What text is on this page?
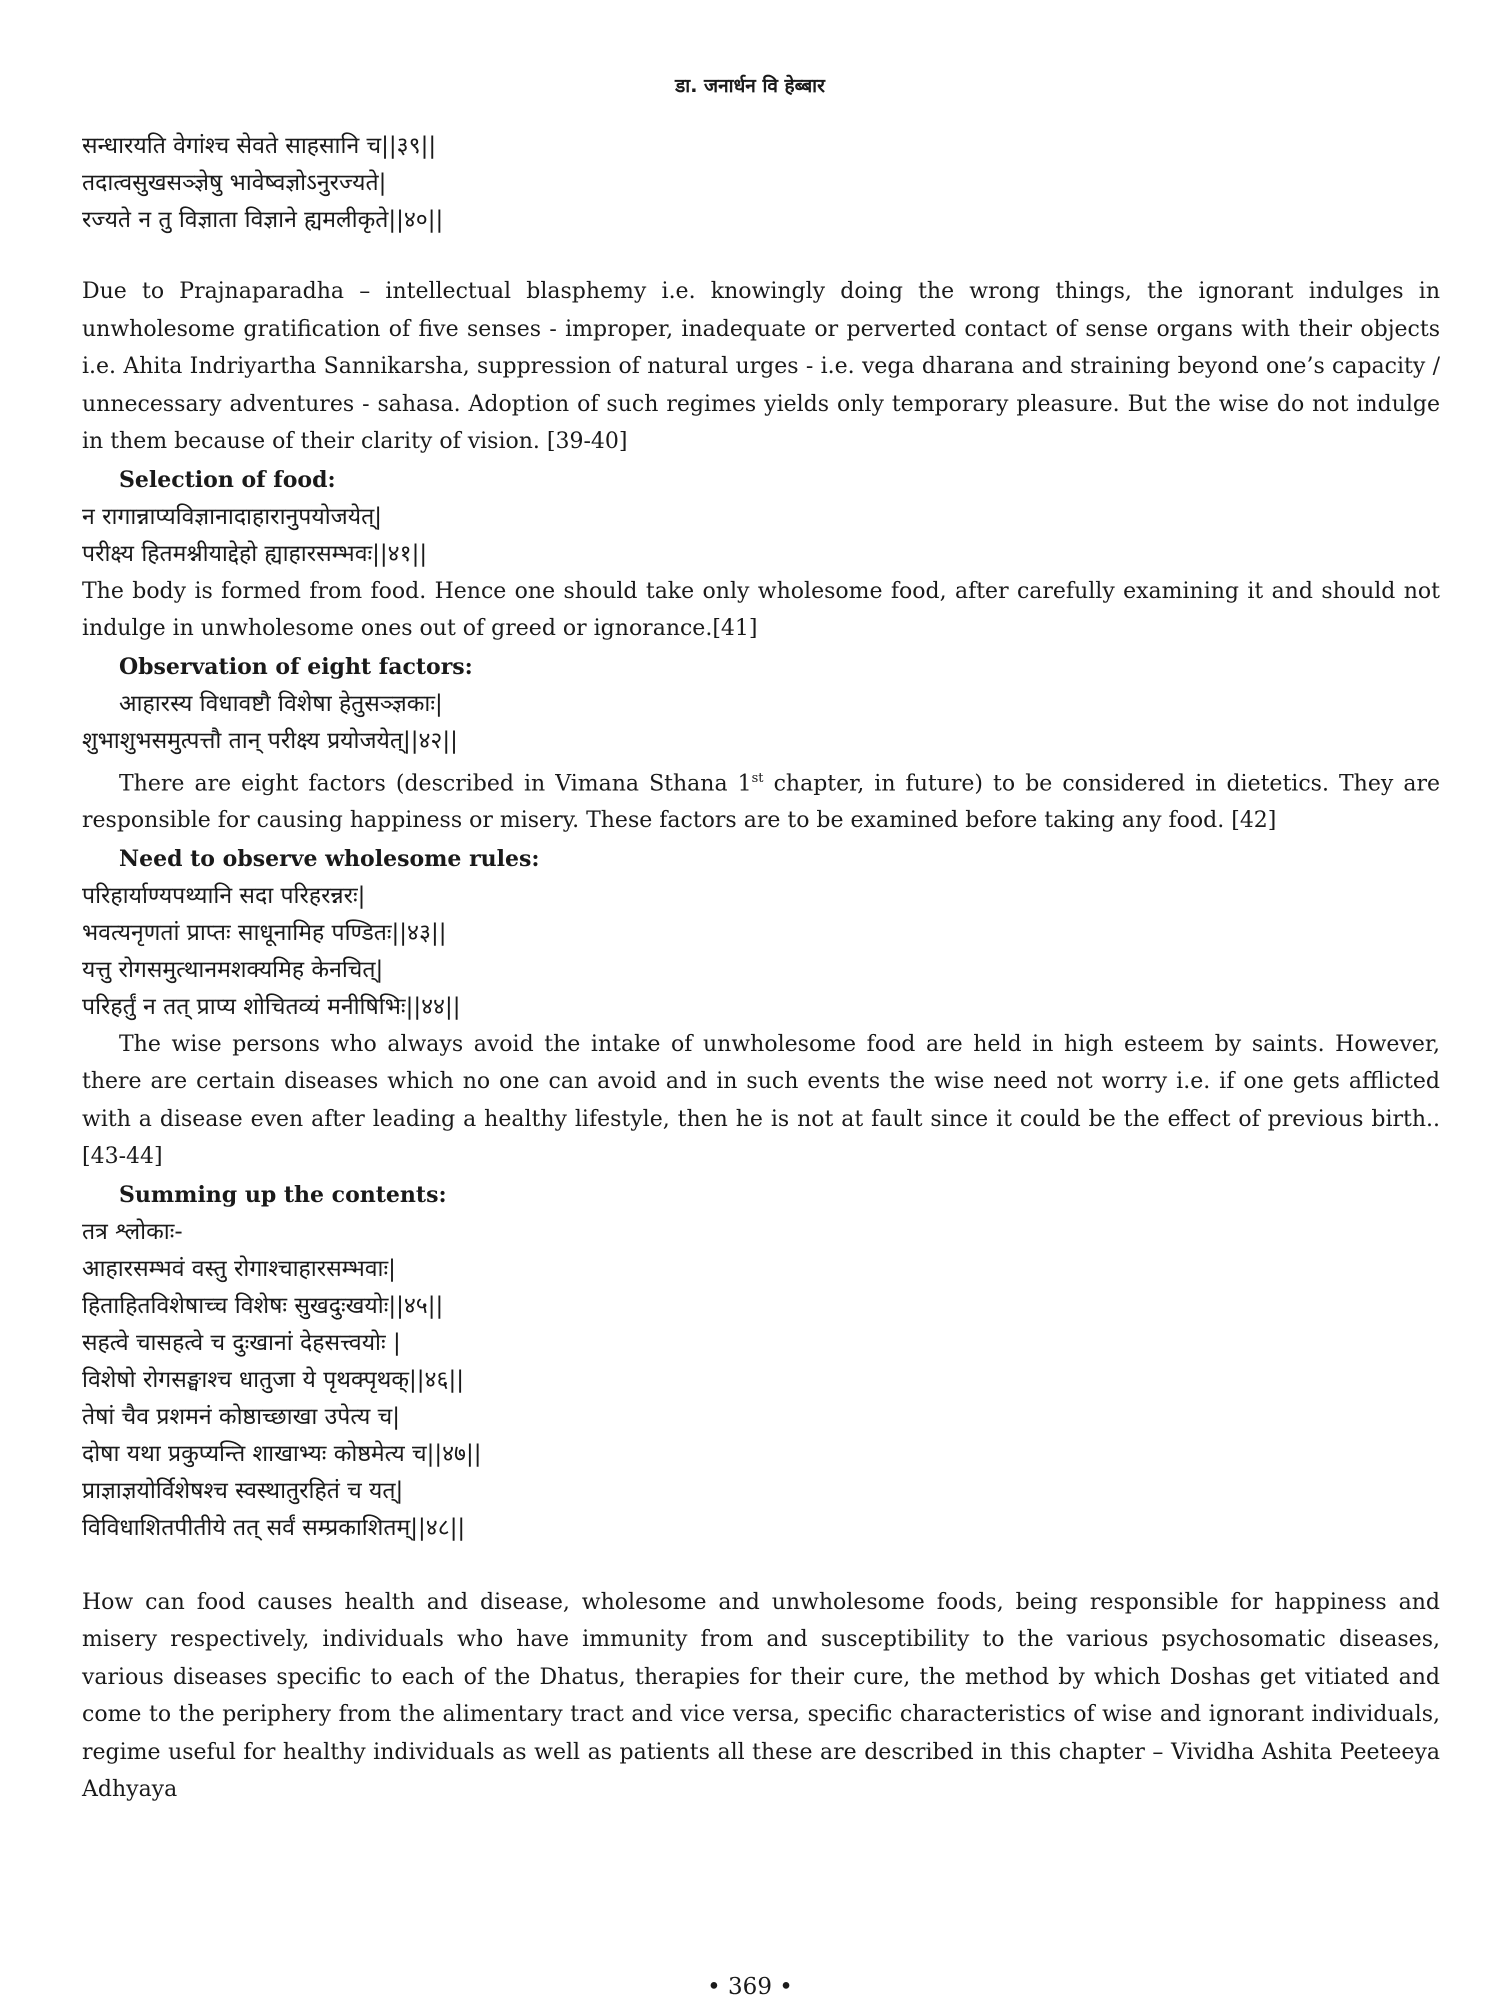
डा. जनार्धन वि हेब्बार

सन्धारयति वेगांश्च सेवते साहसानि च||३९||

तदात्वसुखसञ्ज्ञेषु भावेष्वज्ञोऽनुरज्यते|

रज्यते न तु विज्ञाता विज्ञाने ह्यमलीकृते||४०||

Due to Prajnaparadha – intellectual blasphemy i.e. knowingly doing the wrong things, the ignorant indulges in unwholesome gratification of five senses - improper, inadequate or perverted contact of sense organs with their objects i.e. Ahita Indriyartha Sannikarsha, suppression of natural urges - i.e. vega dharana and straining beyond one’s capacity / unnecessary adventures - sahasa. Adoption of such regimes yields only temporary pleasure. But the wise do not indulge in them because of their clarity of vision. [39-40]

Selection of food:

न रागान्नाप्यविज्ञानादाहारानुपयोजयेत्|

परीक्ष्य हितमश्नीयाद्देहो ह्याहारसम्भवः||४१||

The body is formed from food. Hence one should take only wholesome food, after carefully examining it and should not indulge in unwholesome ones out of greed or ignorance.[41]

Observation of eight factors:

आहारस्य विधावष्टौ विशेषा हेतुसञ्ज्ञकाः|

शुभाशुभसमुत्पत्तौ तान् परीक्ष्य प्रयोजयेत्||४२||

There are eight factors (described in Vimana Sthana 1st chapter, in future) to be considered in dietetics. They are responsible for causing happiness or misery. These factors are to be examined before taking any food. [42]

Need to observe wholesome rules:

परिहार्याण्यपथ्यानि सदा परिहरन्नरः|

भवत्यनृणतां प्राप्तः साधूनामिह पण्डितः||४३||

यत्तु रोगसमुत्थानमशक्यमिह केनचित्|

परिहर्तुं न तत् प्राप्य शोचितव्यं मनीषिभिः||४४||

The wise persons who always avoid the intake of unwholesome food are held in high esteem by saints. However, there are certain diseases which no one can avoid and in such events the wise need not worry i.e. if one gets afflicted with a disease even after leading a healthy lifestyle, then he is not at fault since it could be the effect of previous birth.. [43-44]

Summing up the contents:

तत्र श्लोकाः-

आहारसम्भवं वस्तु रोगाश्चाहारसम्भवाः|

हिताहितविशेषाच्च विशेषः सुखदुःखयोः||४५||

सहत्वे चासहत्वे च दुःखानां देहसत्त्वयोः |

विशेषो रोगसङ्घाश्च धातुजा ये पृथक्पृथक्||४६||

तेषां चैव प्रशमनं कोष्ठाच्छाखा उपेत्य च|

दोषा यथा प्रकुप्यन्ति शाखाभ्यः कोष्ठमेत्य च||४७||

प्राज्ञाज्ञयोर्विशेषश्च स्वस्थातुरहितं च यत्|

विविधाशितपीतीये तत् सर्वं सम्प्रकाशितम्||४८||

How can food causes health and disease, wholesome and unwholesome foods, being responsible for happiness and misery respectively, individuals who have immunity from and susceptibility to the various psychosomatic diseases, various diseases specific to each of the Dhatus, therapies for their cure, the method by which Doshas get vitiated and come to the periphery from the alimentary tract and vice versa, specific characteristics of wise and ignorant individuals, regime useful for healthy individuals as well as patients all these are described in this chapter – Vividha Ashita Peeteeya Adhyaya

• 369 •
